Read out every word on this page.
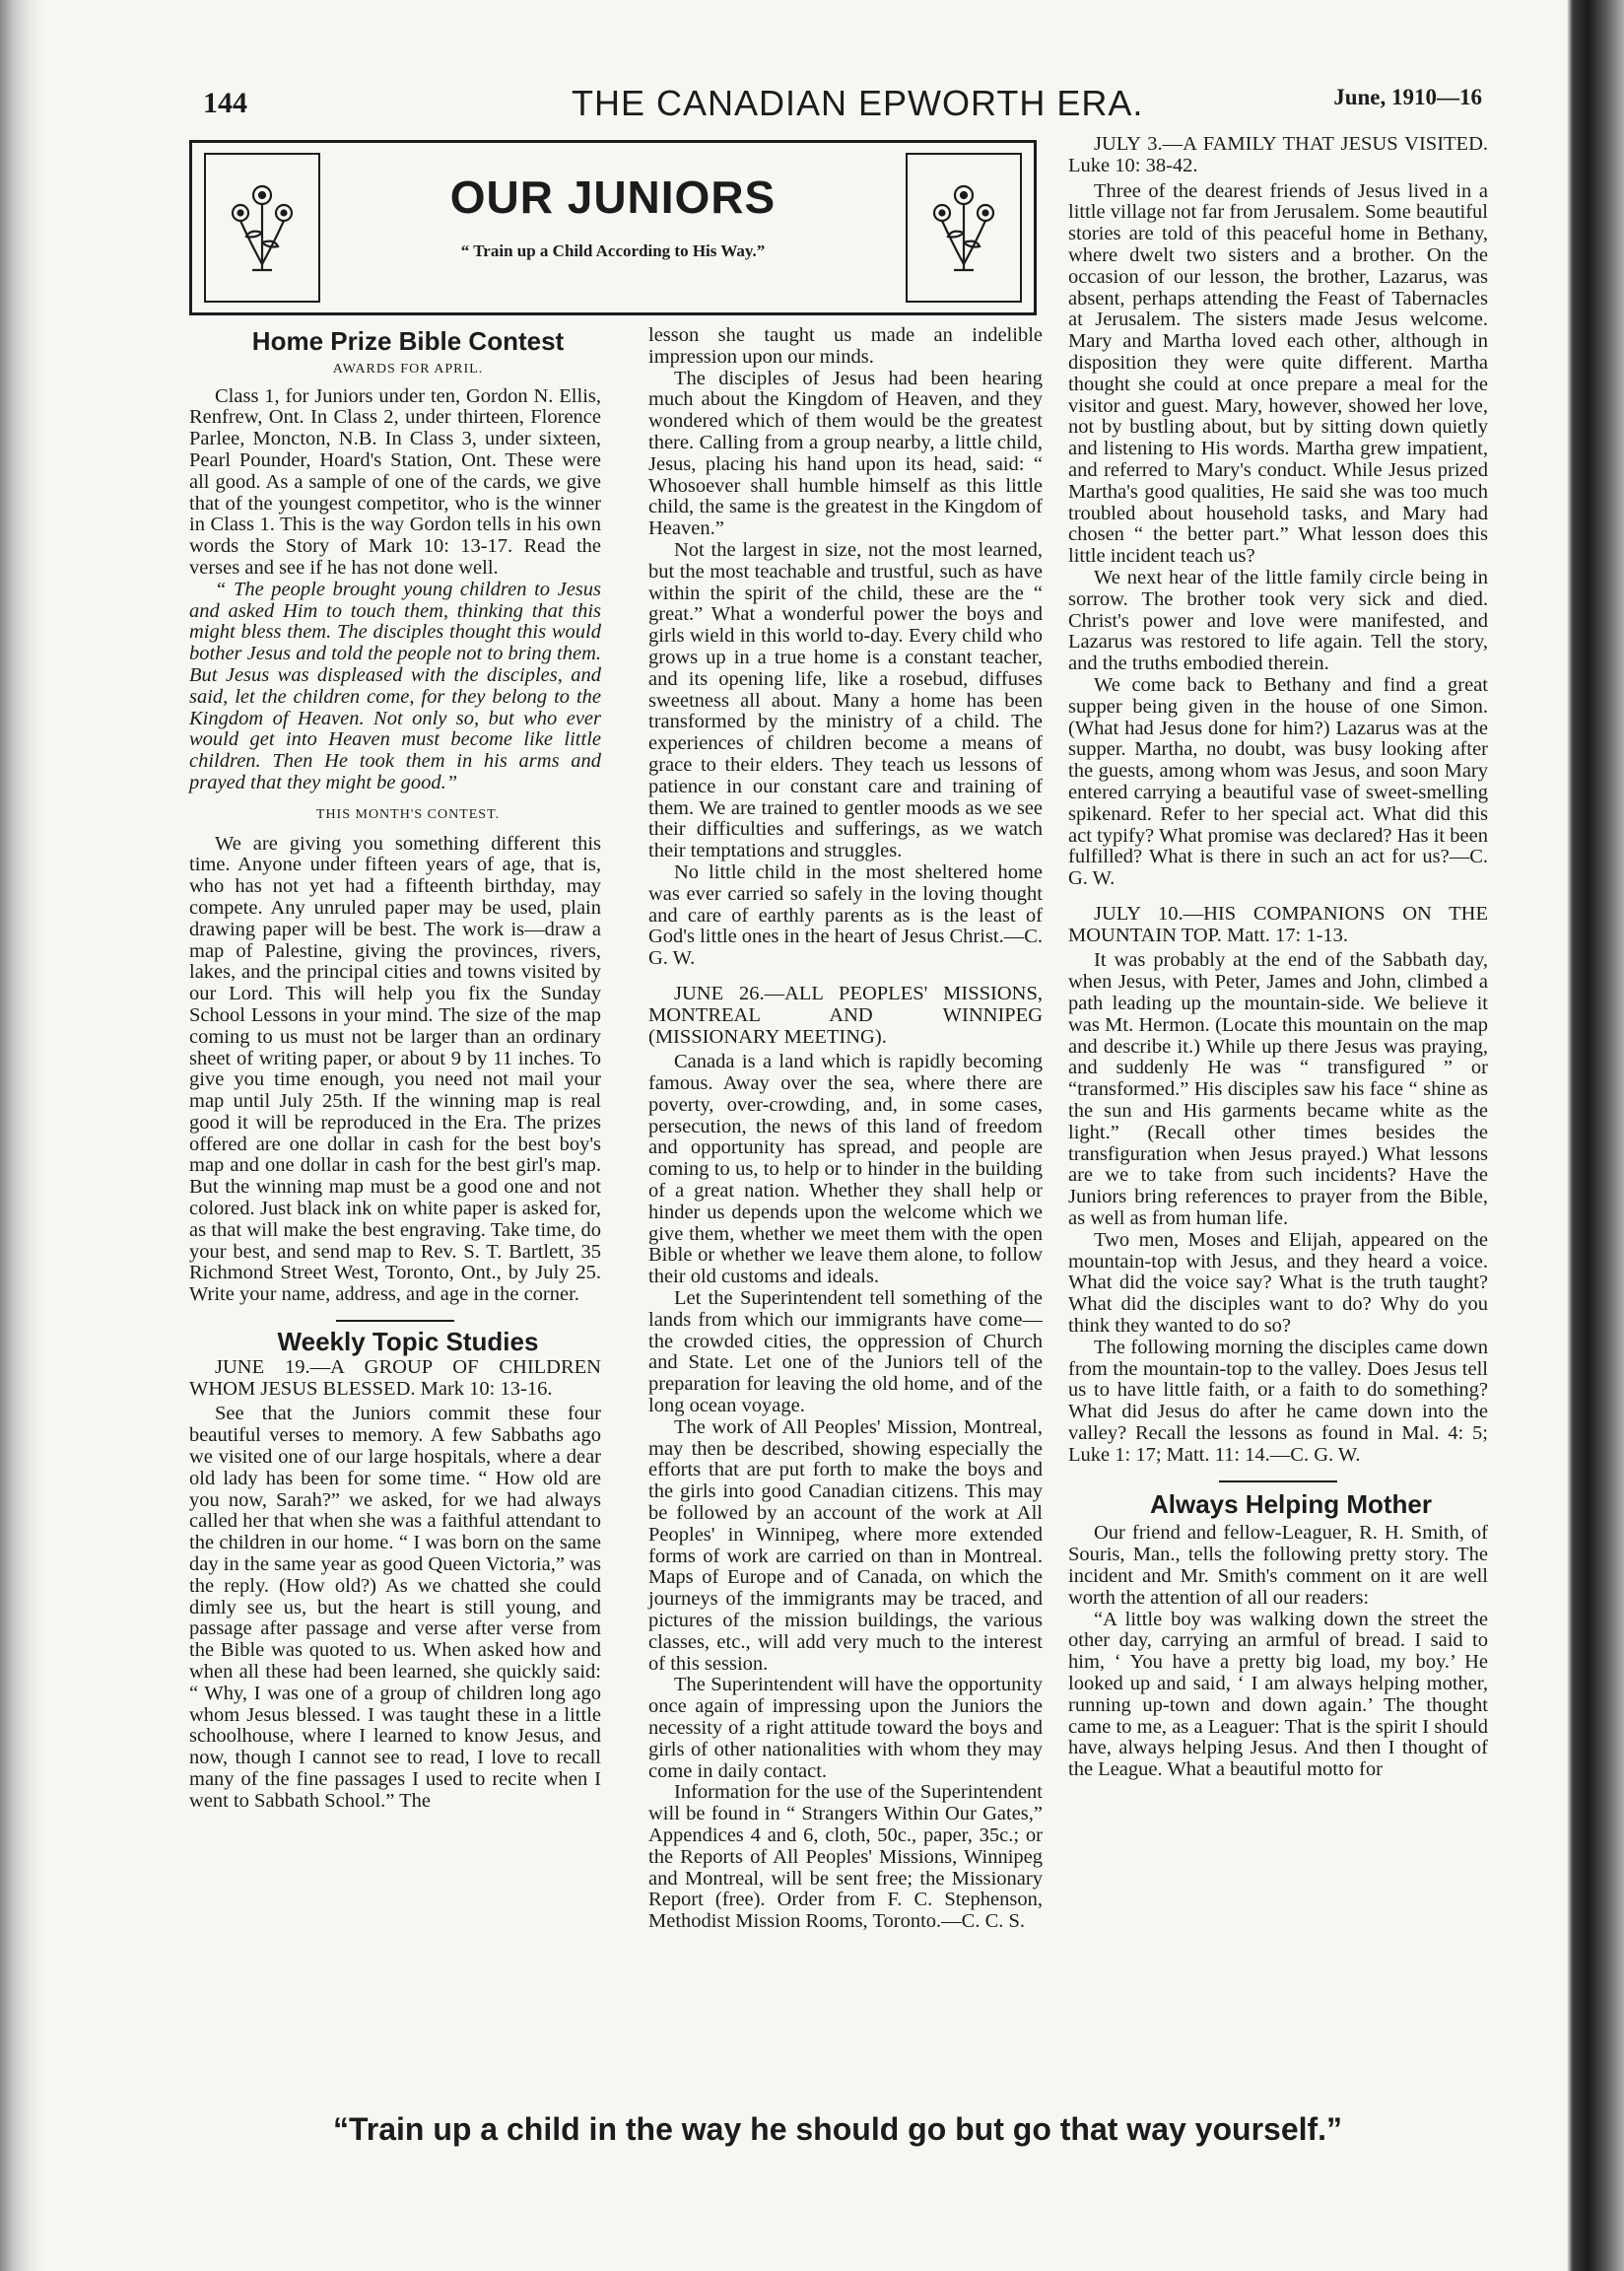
144	THE CANADIAN EPWORTH ERA.	June, 1910—16
OUR JUNIORS
“ Train up a Child According to His Way.”

Home Prize Bible Contest

AWARDS FOR APRIL.

Class 1, for Juniors under ten, Gordon N. Ellis, Renfrew, Ont. In Class 2, under thirteen, Florence Parlee, Moncton, N.B. In Class 3, under sixteen, Pearl Pounder, Hoard's Station, Ont. These were all good. As a sample of one of the cards, we give that of the youngest competitor, who is the winner in Class 1. This is the way Gordon tells in his own words the Story of Mark 10: 13-17. Read the verses and see if he has not done well.

“ The people brought young children to Jesus and asked Him to touch them, thinking that this might bless them. The disciples thought this would bother Jesus and told the people not to bring them. But Jesus was displeased with the disciples, and said, let the children come, for they belong to the Kingdom of Heaven. Not only so, but who ever would get into Heaven must become like little children. Then He took them in his arms and prayed that they might be good.”

THIS MONTH'S CONTEST.

We are giving you something different this time. Anyone under fifteen years of age, that is, who has not yet had a fifteenth birthday, may compete. Any unruled paper may be used, plain drawing paper will be best. The work is—draw a map of Palestine, giving the provinces, rivers, lakes, and the principal cities and towns visited by our Lord. This will help you fix the Sunday School Lessons in your mind. The size of the map coming to us must not be larger than an ordinary sheet of writing paper, or about 9 by 11 inches. To give you time enough, you need not mail your map until July 25th. If the winning map is real good it will be reproduced in the Era. The prizes offered are one dollar in cash for the best boy's map and one dollar in cash for the best girl's map. But the winning map must be a good one and not colored. Just black ink on white paper is asked for, as that will make the best engraving. Take time, do your best, and send map to Rev. S. T. Bartlett, 35 Richmond Street West, Toronto, Ont., by July 25. Write your name, address, and age in the corner.

Weekly Topic Studies

JUNE 19.—A GROUP OF CHILDREN WHOM JESUS BLESSED. Mark 10: 13-16.

See that the Juniors commit these four beautiful verses to memory. A few Sabbaths ago we visited one of our large hospitals, where a dear old lady has been for some time. “ How old are you now, Sarah?” we asked, for we had always called her that when she was a faithful attendant to the children in our home. “ I was born on the same day in the same year as good Queen Victoria,” was the reply. (How old?) As we chatted she could dimly see us, but the heart is still young, and passage after passage and verse after verse from the Bible was quoted to us. When asked how and when all these had been learned, she quickly said: “ Why, I was one of a group of children long ago whom Jesus blessed. I was taught these in a little schoolhouse, where I learned to know Jesus, and now, though I cannot see to read, I love to recall many of the fine passages I used to recite when I went to Sabbath School.” The

lesson she taught us made an indelible impression upon our minds.

The disciples of Jesus had been hearing much about the Kingdom of Heaven, and they wondered which of them would be the greatest there. Calling from a group nearby, a little child, Jesus, placing his hand upon its head, said: “ Whosoever shall humble himself as this little child, the same is the greatest in the Kingdom of Heaven.”

Not the largest in size, not the most learned, but the most teachable and trustful, such as have within the spirit of the child, these are the “ great.” What a wonderful power the boys and girls wield in this world to-day. Every child who grows up in a true home is a constant teacher, and its opening life, like a rosebud, diffuses sweetness all about. Many a home has been transformed by the ministry of a child. The experiences of children become a means of grace to their elders. They teach us lessons of patience in our constant care and training of them. We are trained to gentler moods as we see their difficulties and sufferings, as we watch their temptations and struggles.

No little child in the most sheltered home was ever carried so safely in the loving thought and care of earthly parents as is the least of God's little ones in the heart of Jesus Christ.—C. G. W.

JUNE 26.—ALL PEOPLES' MISSIONS, MONTREAL AND WINNIPEG (MISSIONARY MEETING).

Canada is a land which is rapidly becoming famous. Away over the sea, where there are poverty, over-crowding, and, in some cases, persecution, the news of this land of freedom and opportunity has spread, and people are coming to us, to help or to hinder in the building of a great nation. Whether they shall help or hinder us depends upon the welcome which we give them, whether we meet them with the open Bible or whether we leave them alone, to follow their old customs and ideals.

Let the Superintendent tell something of the lands from which our immigrants have come—the crowded cities, the oppression of Church and State. Let one of the Juniors tell of the preparation for leaving the old home, and of the long ocean voyage.

The work of All Peoples' Mission, Montreal, may then be described, showing especially the efforts that are put forth to make the boys and the girls into good Canadian citizens. This may be followed by an account of the work at All Peoples' in Winnipeg, where more extended forms of work are carried on than in Montreal. Maps of Europe and of Canada, on which the journeys of the immigrants may be traced, and pictures of the mission buildings, the various classes, etc., will add very much to the interest of this session.

The Superintendent will have the opportunity once again of impressing upon the Juniors the necessity of a right attitude toward the boys and girls of other nationalities with whom they may come in daily contact.

Information for the use of the Superintendent will be found in “ Strangers Within Our Gates,” Appendices 4 and 6, cloth, 50c., paper, 35c.; or the Reports of All Peoples' Missions, Winnipeg and Montreal, will be sent free; the Missionary Report (free). Order from F. C. Stephenson, Methodist Mission Rooms, Toronto.—C. C. S.

JULY 3.—A FAMILY THAT JESUS VISITED. Luke 10: 38-42.

Three of the dearest friends of Jesus lived in a little village not far from Jerusalem. Some beautiful stories are told of this peaceful home in Bethany, where dwelt two sisters and a brother. On the occasion of our lesson, the brother, Lazarus, was absent, perhaps attending the Feast of Tabernacles at Jerusalem. The sisters made Jesus welcome. Mary and Martha loved each other, although in disposition they were quite different. Martha thought she could at once prepare a meal for the visitor and guest. Mary, however, showed her love, not by bustling about, but by sitting down quietly and listening to His words. Martha grew impatient, and referred to Mary's conduct. While Jesus prized Martha's good qualities, He said she was too much troubled about household tasks, and Mary had chosen “ the better part.” What lesson does this little incident teach us?

We next hear of the little family circle being in sorrow. The brother took very sick and died. Christ's power and love were manifested, and Lazarus was restored to life again. Tell the story, and the truths embodied therein.

We come back to Bethany and find a great supper being given in the house of one Simon. (What had Jesus done for him?) Lazarus was at the supper. Martha, no doubt, was busy looking after the guests, among whom was Jesus, and soon Mary entered carrying a beautiful vase of sweet-smelling spikenard. Refer to her special act. What did this act typify? What promise was declared? Has it been fulfilled? What is there in such an act for us?—C. G. W.

JULY 10.—HIS COMPANIONS ON THE MOUNTAIN TOP. Matt. 17: 1-13.

It was probably at the end of the Sabbath day, when Jesus, with Peter, James and John, climbed a path leading up the mountain-side. We believe it was Mt. Hermon. (Locate this mountain on the map and describe it.) While up there Jesus was praying, and suddenly He was “ transfigured ” or “transformed.” His disciples saw his face “ shine as the sun and His garments became white as the light.” (Recall other times besides the transfiguration when Jesus prayed.) What lessons are we to take from such incidents? Have the Juniors bring references to prayer from the Bible, as well as from human life.

Two men, Moses and Elijah, appeared on the mountain-top with Jesus, and they heard a voice. What did the voice say? What is the truth taught? What did the disciples want to do? Why do you think they wanted to do so?

The following morning the disciples came down from the mountain-top to the valley. Does Jesus tell us to have little faith, or a faith to do something? What did Jesus do after he came down into the valley? Recall the lessons as found in Mal. 4: 5; Luke 1: 17; Matt. 11: 14.—C. G. W.

Always Helping Mother

Our friend and fellow-Leaguer, R. H. Smith, of Souris, Man., tells the following pretty story. The incident and Mr. Smith's comment on it are well worth the attention of all our readers:

“A little boy was walking down the street the other day, carrying an armful of bread. I said to him, ‘ You have a pretty big load, my boy.’ He looked up and said, ‘ I am always helping mother, running up-town and down again.’ The thought came to me, as a Leaguer: That is the spirit I should have, always helping Jesus. And then I thought of the League. What a beautiful motto for

“Train up a child in the way he should go but go that way yourself.”
